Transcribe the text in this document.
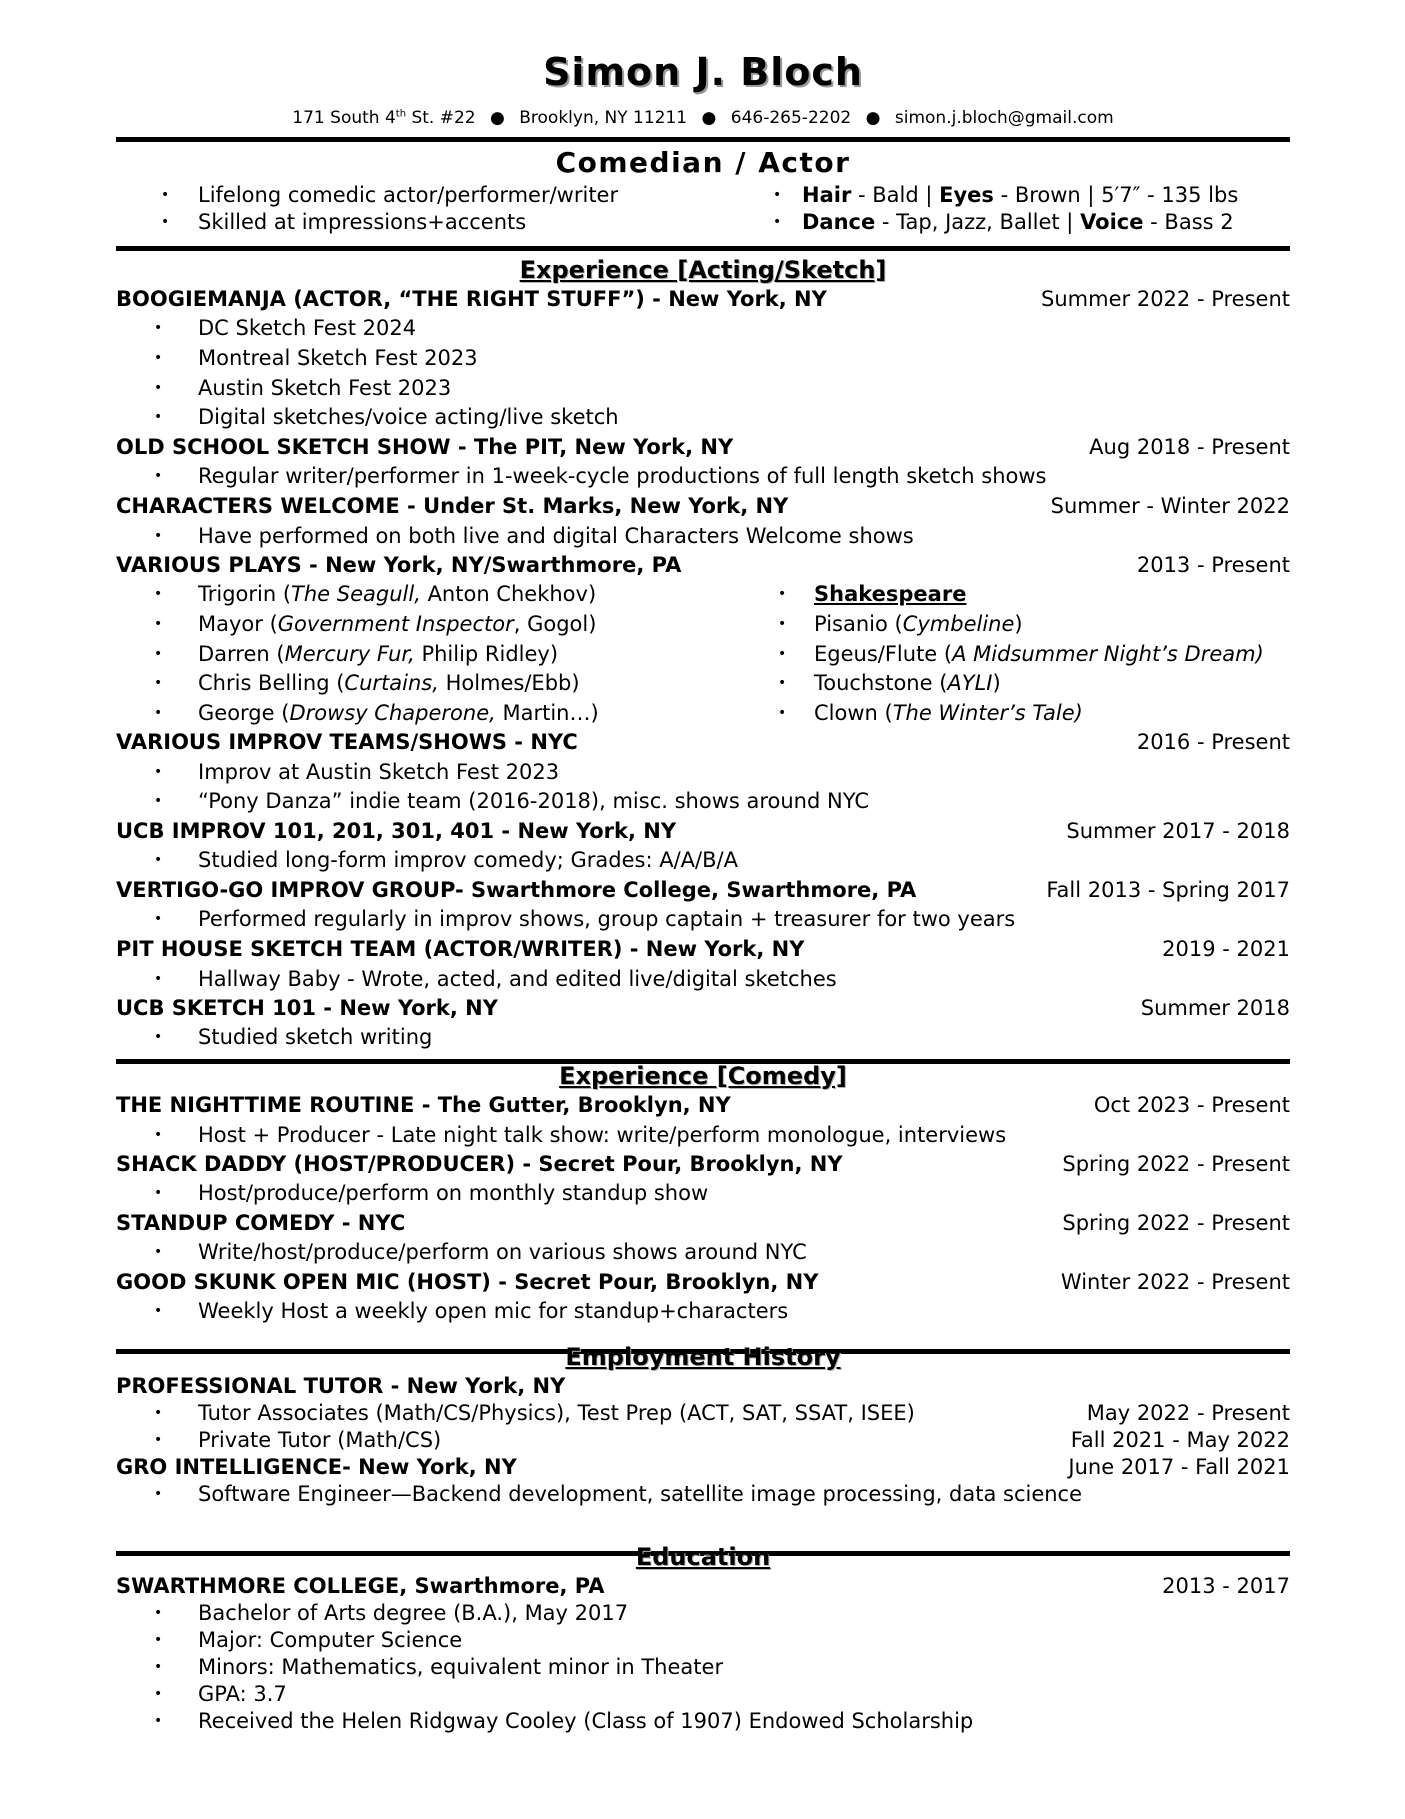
Simon J. Bloch
171 South 4th St. #22 ● Brooklyn, NY 11211 ● 646-265-2202 ● simon.j.bloch@gmail.com
Comedian / Actor
• Lifelong comedic actor/performer/writer	• Hair - Bald | Eyes - Brown | 5′7″ - 135 lbs
• Skilled at impressions+accents	• Dance - Tap, Jazz, Ballet | Voice - Bass 2
Experience [Acting/Sketch]
BOOGIEMANJA (ACTOR, “THE RIGHT STUFF”) - New York, NY	Summer 2022 - Present
• DC Sketch Fest 2024
• Montreal Sketch Fest 2023
• Austin Sketch Fest 2023
• Digital sketches/voice acting/live sketch
OLD SCHOOL SKETCH SHOW - The PIT, New York, NY	Aug 2018 - Present
• Regular writer/performer in 1-week-cycle productions of full length sketch shows
CHARACTERS WELCOME - Under St. Marks, New York, NY	Summer - Winter 2022
• Have performed on both live and digital Characters Welcome shows
VARIOUS PLAYS - New York, NY/Swarthmore, PA	2013 - Present
• Trigorin (The Seagull, Anton Chekhov)	• Shakespeare
• Mayor (Government Inspector, Gogol)	• Pisanio (Cymbeline)
• Darren (Mercury Fur, Philip Ridley)	• Egeus/Flute (A Midsummer Night’s Dream)
• Chris Belling (Curtains, Holmes/Ebb)	• Touchstone (AYLI)
• George (Drowsy Chaperone, Martin…)	• Clown (The Winter’s Tale)
VARIOUS IMPROV TEAMS/SHOWS - NYC	2016 - Present
• Improv at Austin Sketch Fest 2023
• “Pony Danza” indie team (2016-2018), misc. shows around NYC
UCB IMPROV 101, 201, 301, 401 - New York, NY	Summer 2017 - 2018
• Studied long-form improv comedy; Grades: A/A/B/A
VERTIGO-GO IMPROV GROUP- Swarthmore College, Swarthmore, PA	Fall 2013 - Spring 2017
• Performed regularly in improv shows, group captain + treasurer for two years
PIT HOUSE SKETCH TEAM (ACTOR/WRITER) - New York, NY	2019 - 2021
• Hallway Baby - Wrote, acted, and edited live/digital sketches
UCB SKETCH 101 - New York, NY	Summer 2018
• Studied sketch writing
Experience [Comedy]
THE NIGHTTIME ROUTINE - The Gutter, Brooklyn, NY	Oct 2023 - Present
• Host + Producer - Late night talk show: write/perform monologue, interviews
SHACK DADDY (HOST/PRODUCER) - Secret Pour, Brooklyn, NY	Spring 2022 - Present
• Host/produce/perform on monthly standup show
STANDUP COMEDY - NYC	Spring 2022 - Present
• Write/host/produce/perform on various shows around NYC
GOOD SKUNK OPEN MIC (HOST) - Secret Pour, Brooklyn, NY	Winter 2022 - Present
• Weekly Host a weekly open mic for standup+characters
Employment History
PROFESSIONAL TUTOR - New York, NY
• Tutor Associates (Math/CS/Physics), Test Prep (ACT, SAT, SSAT, ISEE)	May 2022 - Present
• Private Tutor (Math/CS)	Fall 2021 - May 2022
GRO INTELLIGENCE- New York, NY	June 2017 - Fall 2021
• Software Engineer—Backend development, satellite image processing, data science
Education
SWARTHMORE COLLEGE, Swarthmore, PA	2013 - 2017
• Bachelor of Arts degree (B.A.), May 2017
• Major: Computer Science
• Minors: Mathematics, equivalent minor in Theater
• GPA: 3.7
• Received the Helen Ridgway Cooley (Class of 1907) Endowed Scholarship
